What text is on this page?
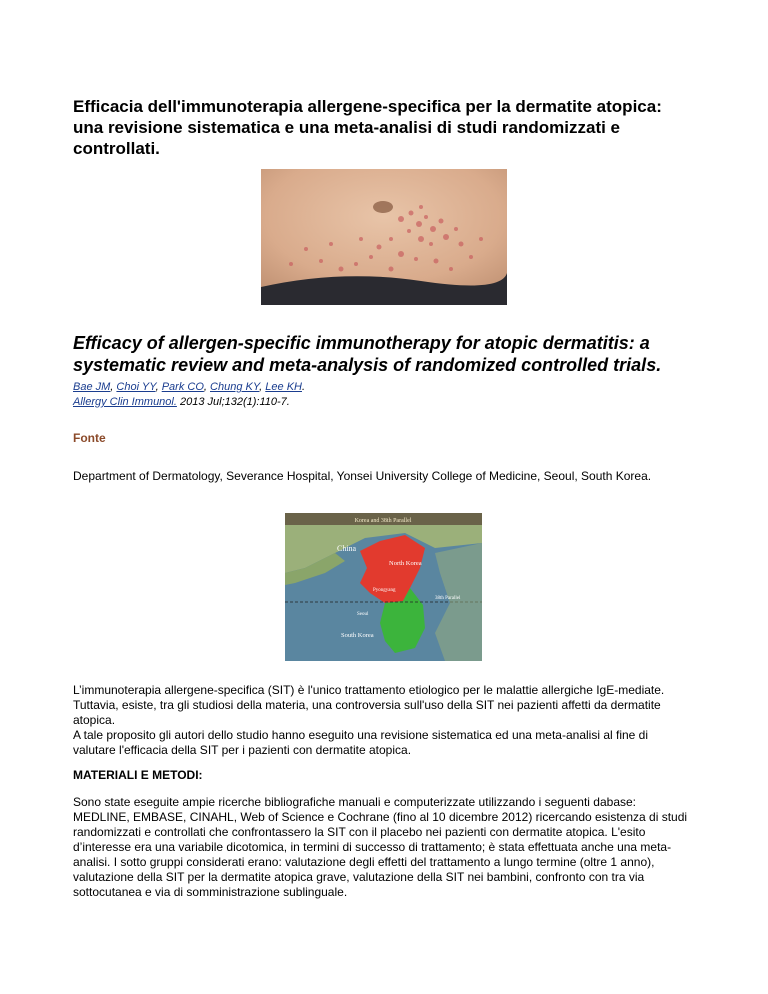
Efficacia dell'immunoterapia allergene-specifica per la dermatite atopica: una revisione sistematica e una meta-analisi di studi randomizzati e controllati.
Efficacy of allergen-specific immunotherapy for atopic dermatitis: a systematic review and meta-analysis of randomized controlled trials.
Bae JM, Choi YY, Park CO, Chung KY, Lee KH.
Allergy Clin Immunol. 2013 Jul;132(1):110-7.
Fonte

Department of Dermatology, Severance Hospital, Yonsei University College of Medicine, Seoul, South Korea.

Korea and 38th Parallel
China
North Korea
Pyongyang
38th Parallel
Seoul
South Korea

L’immunoterapia allergene-specifica (SIT) è l'unico trattamento etiologico per le malattie allergiche IgE-mediate. Tuttavia, esiste, tra gli studiosi della materia, una controversia sull'uso della SIT nei pazienti affetti da dermatite atopica.

A tale proposito gli autori dello studio hanno eseguito una revisione sistematica ed una meta-analisi al fine di valutare l'efficacia della SIT per i pazienti con dermatite atopica.

MATERIALI E METODI:

Sono state eseguite ampie ricerche bibliografiche manuali e computerizzate utilizzando i seguenti dabase: MEDLINE, EMBASE, CINAHL, Web of Science e Cochrane (fino al 10 dicembre 2012) ricercando esistenza di studi randomizzati e controllati che confrontassero la SIT con il placebo nei pazienti con dermatite atopica. L'esito d’interesse era una variabile dicotomica, in termini di successo di trattamento; è stata effettuata anche una meta-analisi. I sotto gruppi considerati erano: valutazione degli effetti del trattamento a lungo termine (oltre 1 anno), valutazione della SIT per la dermatite atopica grave, valutazione della SIT nei bambini, confronto con tra via sottocutanea e via di somministrazione sublinguale.
